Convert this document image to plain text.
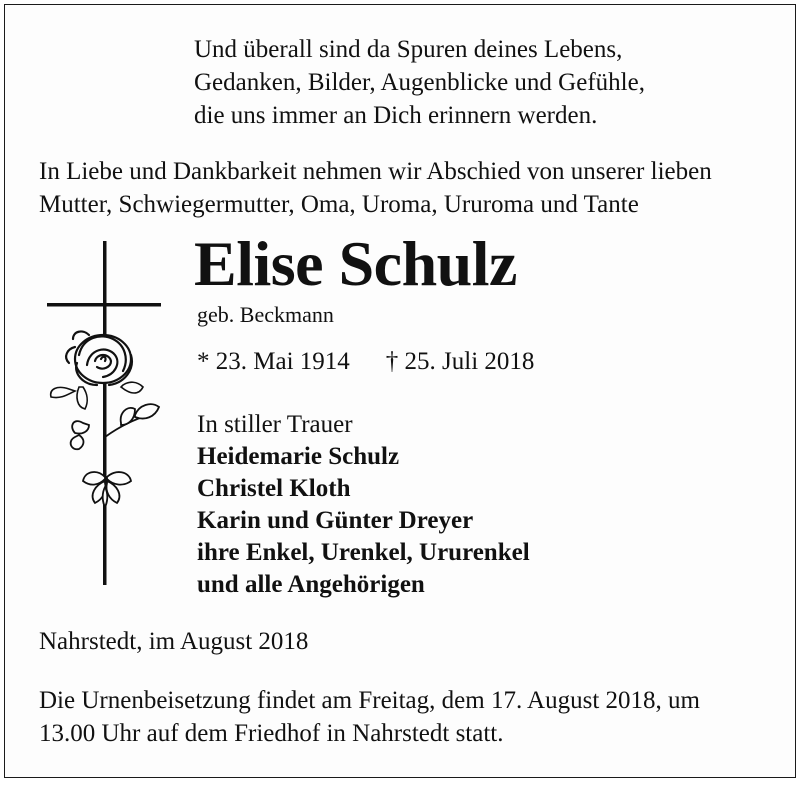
Und überall sind da Spuren deines Lebens,
Gedanken, Bilder, Augenblicke und Gefühle,
die uns immer an Dich erinnern werden.
In Liebe und Dankbarkeit nehmen wir Abschied von unserer lieben
Mutter, Schwiegermutter, Oma, Uroma, Ururoma und Tante
Elise Schulz
geb. Beckmann
* 23. Mai 1914 † 25. Juli 2018
In stiller Trauer
Heidemarie Schulz
Christel Kloth
Karin und Günter Dreyer
ihre Enkel, Urenkel, Ururenkel
und alle Angehörigen
Nahrstedt, im August 2018
Die Urnenbeisetzung findet am Freitag, dem 17. August 2018, um
13.00 Uhr auf dem Friedhof in Nahrstedt statt.
